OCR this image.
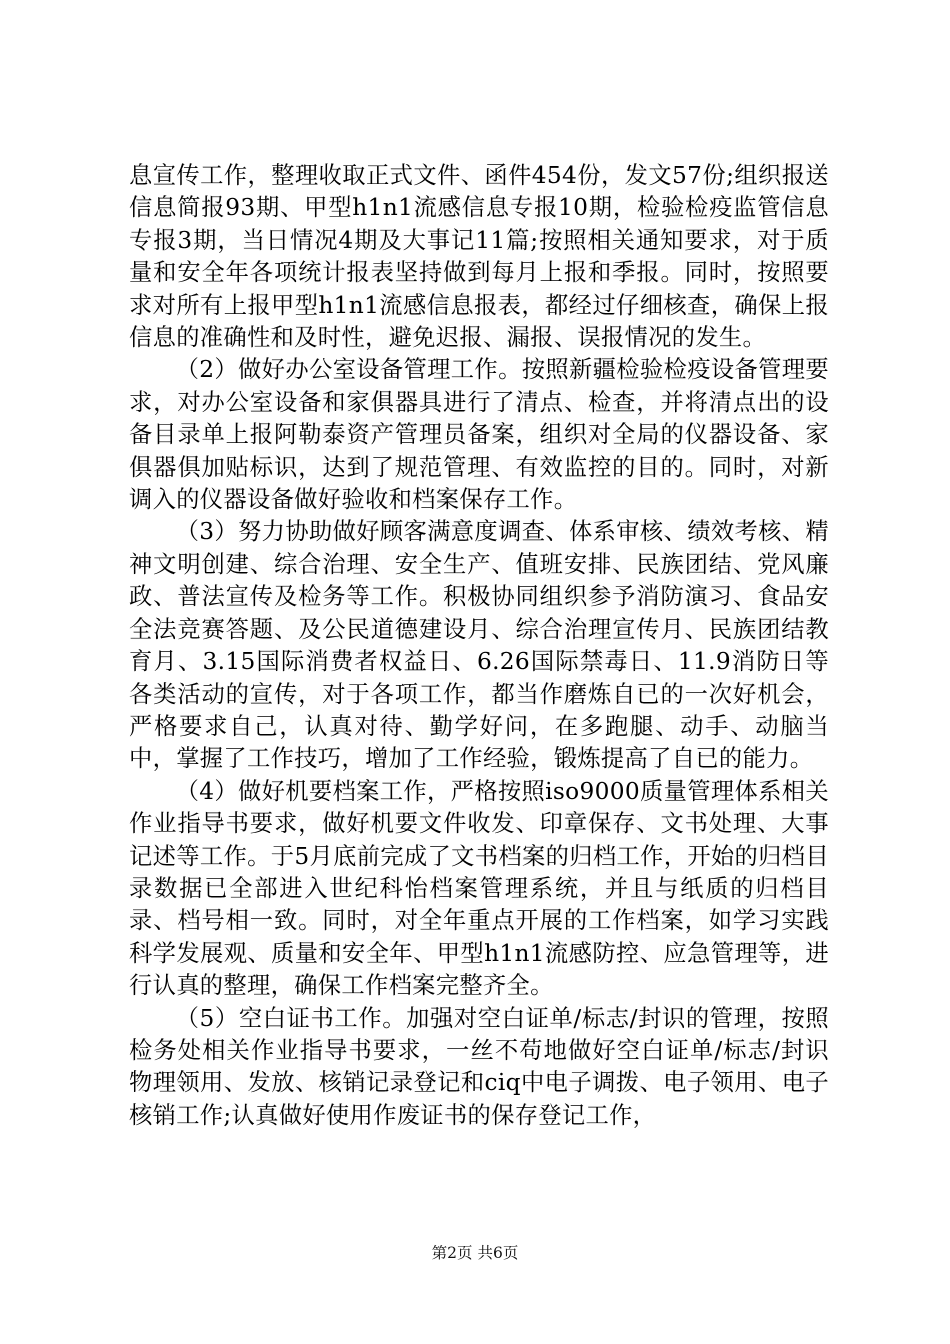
息宣传工作，整理收取正式文件、函件454份，发文57份;组织报送信息简报93期、甲型h1n1流感信息专报10期，检验检疫监管信息专报3期，当日情况4期及大事记11篇;按照相关通知要求，对于质量和安全年各项统计报表坚持做到每月上报和季报。同时，按照要求对所有上报甲型h1n1流感信息报表，都经过仔细核查，确保上报信息的准确性和及时性，避免迟报、漏报、误报情况的发生。

（2）做好办公室设备管理工作。按照新疆检验检疫设备管理要求，对办公室设备和家俱器具进行了清点、检查，并将清点出的设备目录单上报阿勒泰资产管理员备案，组织对全局的仪器设备、家俱器俱加贴标识，达到了规范管理、有效监控的目的。同时，对新调入的仪器设备做好验收和档案保存工作。

（3）努力协助做好顾客满意度调查、体系审核、绩效考核、精神文明创建、综合治理、安全生产、值班安排、民族团结、党风廉政、普法宣传及检务等工作。积极协同组织参予消防演习、食品安全法竞赛答题、及公民道德建设月、综合治理宣传月、民族团结教育月、3.15国际消费者权益日、6.26国际禁毒日、11.9消防日等各类活动的宣传，对于各项工作，都当作磨炼自已的一次好机会，严格要求自己，认真对待、勤学好问，在多跑腿、动手、动脑当中，掌握了工作技巧，增加了工作经验，锻炼提高了自已的能力。

（4）做好机要档案工作，严格按照iso9000质量管理体系相关作业指导书要求，做好机要文件收发、印章保存、文书处理、大事记述等工作。于5月底前完成了文书档案的归档工作，开始的归档目录数据已全部进入世纪科怡档案管理系统，并且与纸质的归档目录、档号相一致。同时，对全年重点开展的工作档案，如学习实践科学发展观、质量和安全年、甲型h1n1流感防控、应急管理等，进行认真的整理，确保工作档案完整齐全。

（5）空白证书工作。加强对空白证单/标志/封识的管理，按照检务处相关作业指导书要求，一丝不苟地做好空白证单/标志/封识物理领用、发放、核销记录登记和ciq中电子调拨、电子领用、电子核销工作;认真做好使用作废证书的保存登记工作，

第2页 共6页
